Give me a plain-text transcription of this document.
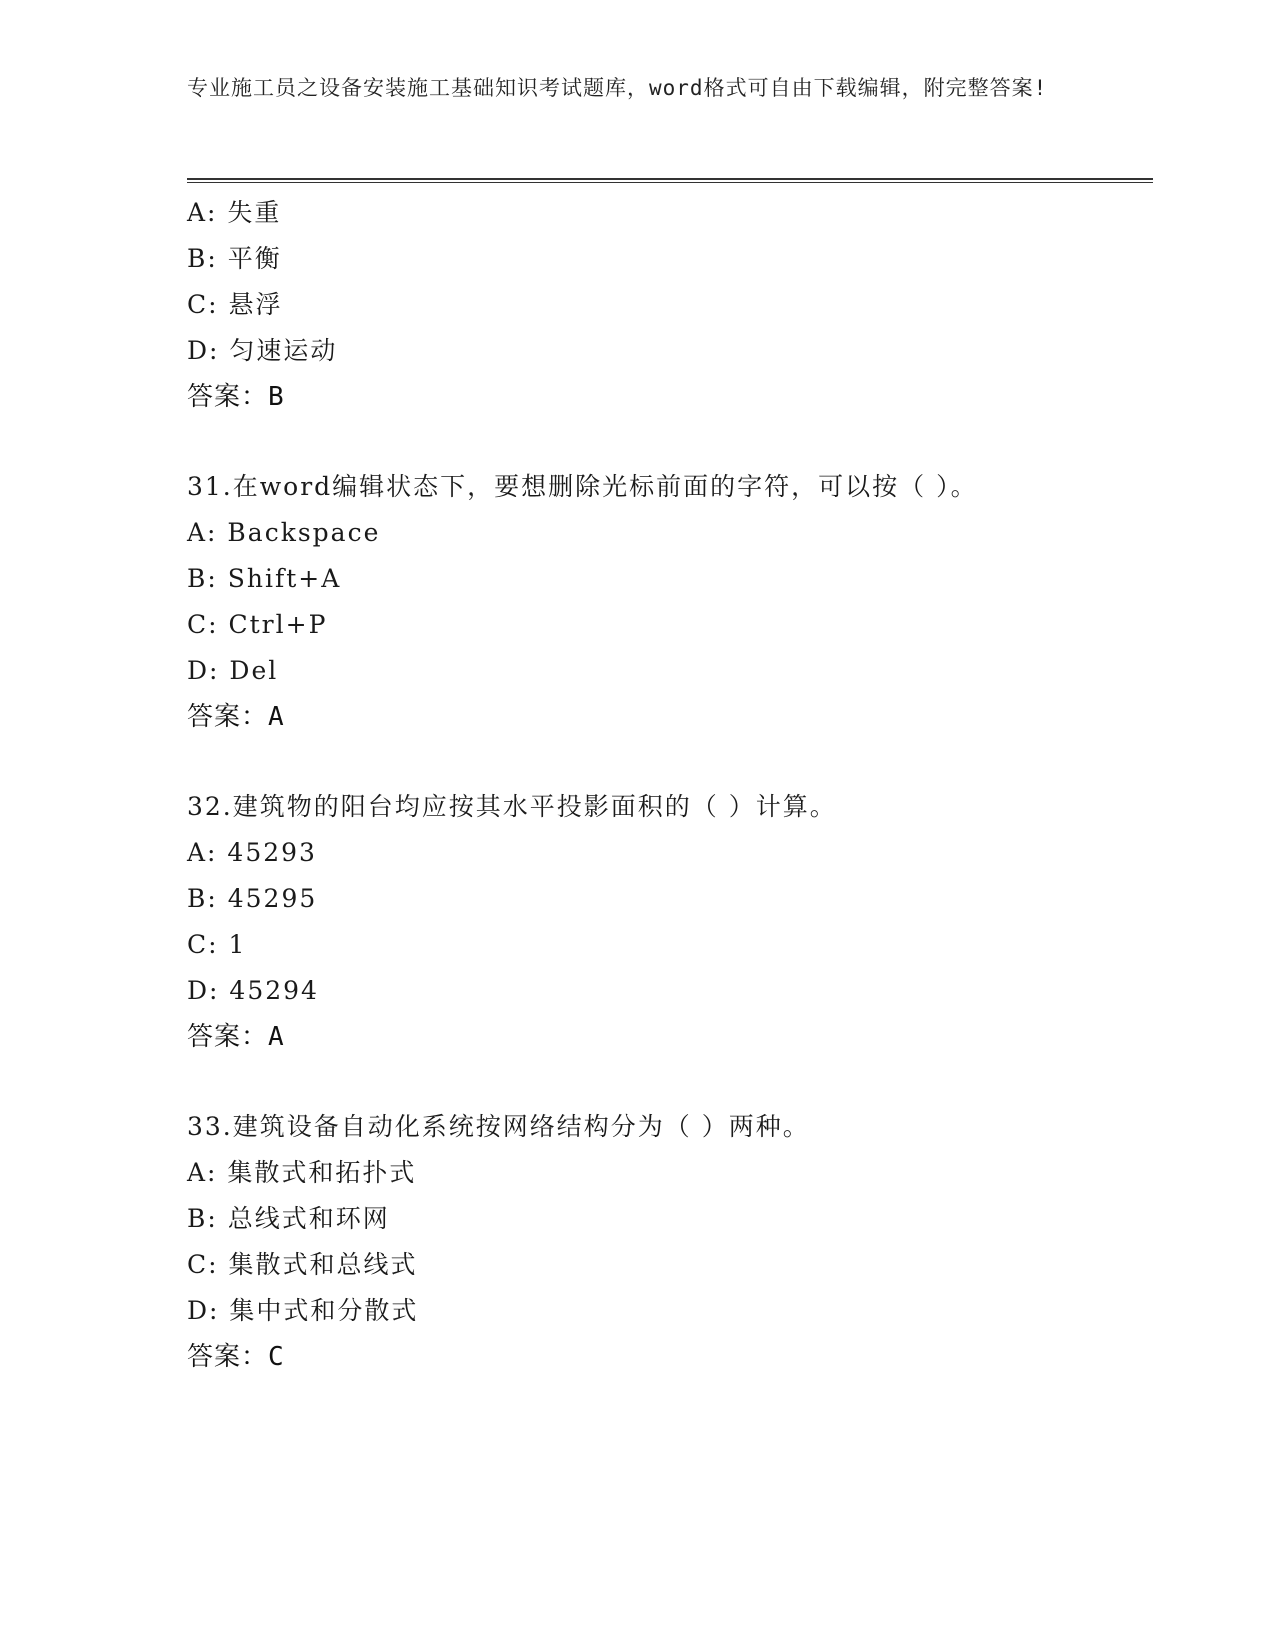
专业施工员之设备安装施工基础知识考试题库，word格式可自由下载编辑，附完整答案!
A: 失重
B: 平衡
C: 悬浮
D: 匀速运动
答案：B
31.在word编辑状态下，要想删除光标前面的字符，可以按（ ）。
A: Backspace
B: Shift+A
C: Ctrl+P
D: Del
答案：A
32.建筑物的阳台均应按其水平投影面积的（ ）计算。
A: 45293
B: 45295
C: 1
D: 45294
答案：A
33.建筑设备自动化系统按网络结构分为（ ）两种。
A: 集散式和拓扑式
B: 总线式和环网
C: 集散式和总线式
D: 集中式和分散式
答案：C
